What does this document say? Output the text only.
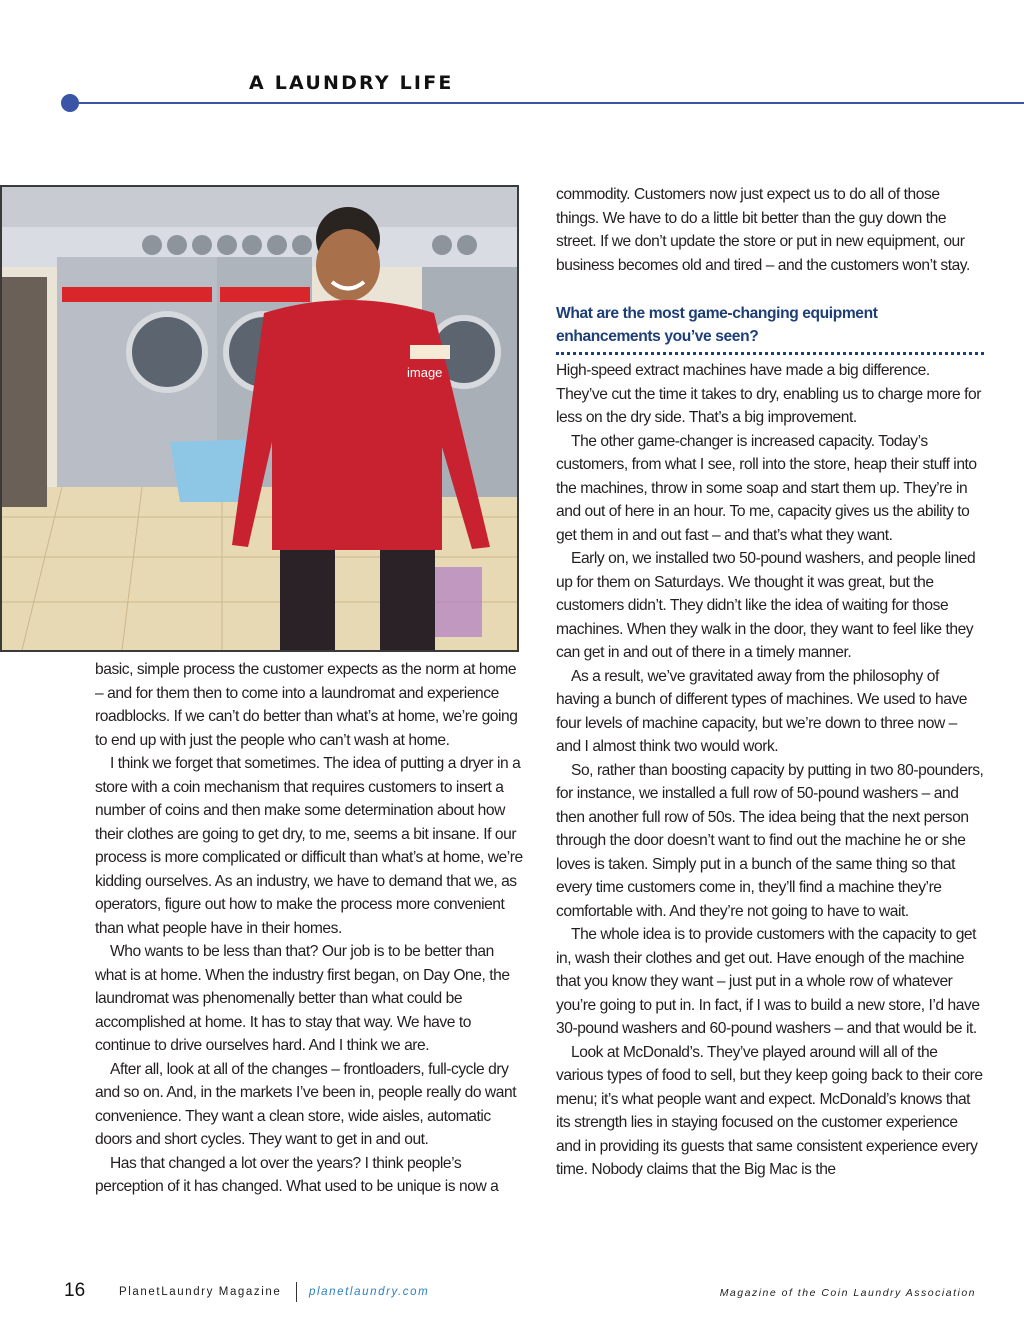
A LAUNDRY LIFE
image

basic, simple process the customer expects as the norm at home – and for them then to come into a laundromat and experience roadblocks. If we can’t do better than what’s at home, we’re going to end up with just the people who can’t wash at home.

I think we forget that sometimes. The idea of putting a dryer in a store with a coin mechanism that requires customers to insert a number of coins and then make some determination about how their clothes are going to get dry, to me, seems a bit insane. If our process is more complicated or difficult than what’s at home, we’re kidding ourselves. As an industry, we have to demand that we, as operators, figure out how to make the process more convenient than what people have in their homes.

Who wants to be less than that? Our job is to be better than what is at home. When the industry first began, on Day One, the laundromat was phenomenally better than what could be accomplished at home. It has to stay that way. We have to continue to drive ourselves hard. And I think we are.

After all, look at all of the changes – frontloaders, full-cycle dry and so on. And, in the markets I’ve been in, people really do want convenience. They want a clean store, wide aisles, automatic doors and short cycles. They want to get in and out.

Has that changed a lot over the years? I think people’s perception of it has changed. What used to be unique is now a

commodity. Customers now just expect us to do all of those things. We have to do a little bit better than the guy down the street. If we don’t update the store or put in new equipment, our business becomes old and tired – and the customers won’t stay.

What are the most game-changing equipment enhancements you’ve seen?

High-speed extract machines have made a big difference. They’ve cut the time it takes to dry, enabling us to charge more for less on the dry side. That’s a big improvement.

The other game-changer is increased capacity. Today’s customers, from what I see, roll into the store, heap their stuff into the machines, throw in some soap and start them up. They’re in and out of here in an hour. To me, capacity gives us the ability to get them in and out fast – and that’s what they want.

Early on, we installed two 50-pound washers, and people lined up for them on Saturdays. We thought it was great, but the customers didn’t. They didn’t like the idea of waiting for those machines. When they walk in the door, they want to feel like they can get in and out of there in a timely manner.

As a result, we’ve gravitated away from the philosophy of having a bunch of different types of machines. We used to have four levels of machine capacity, but we’re down to three now – and I almost think two would work.

So, rather than boosting capacity by putting in two 80-pounders, for instance, we installed a full row of 50-pound washers – and then another full row of 50s. The idea being that the next person through the door doesn’t want to find out the machine he or she loves is taken. Simply put in a bunch of the same thing so that every time customers come in, they’ll find a machine they’re comfortable with. And they’re not going to have to wait.

The whole idea is to provide customers with the capacity to get in, wash their clothes and get out. Have enough of the machine that you know they want – just put in a whole row of whatever you’re going to put in. In fact, if I was to build a new store, I’d have 30-pound washers and 60-pound washers – and that would be it.

Look at McDonald’s. They’ve played around will all of the various types of food to sell, but they keep going back to their core menu; it’s what people want and expect. McDonald’s knows that its strength lies in staying focused on the customer experience and in providing its guests that same consistent experience every time. Nobody claims that the Big Mac is the

16	PlanetLaundry Magazine planetlaundry.com	Magazine of the Coin Laundry Association
